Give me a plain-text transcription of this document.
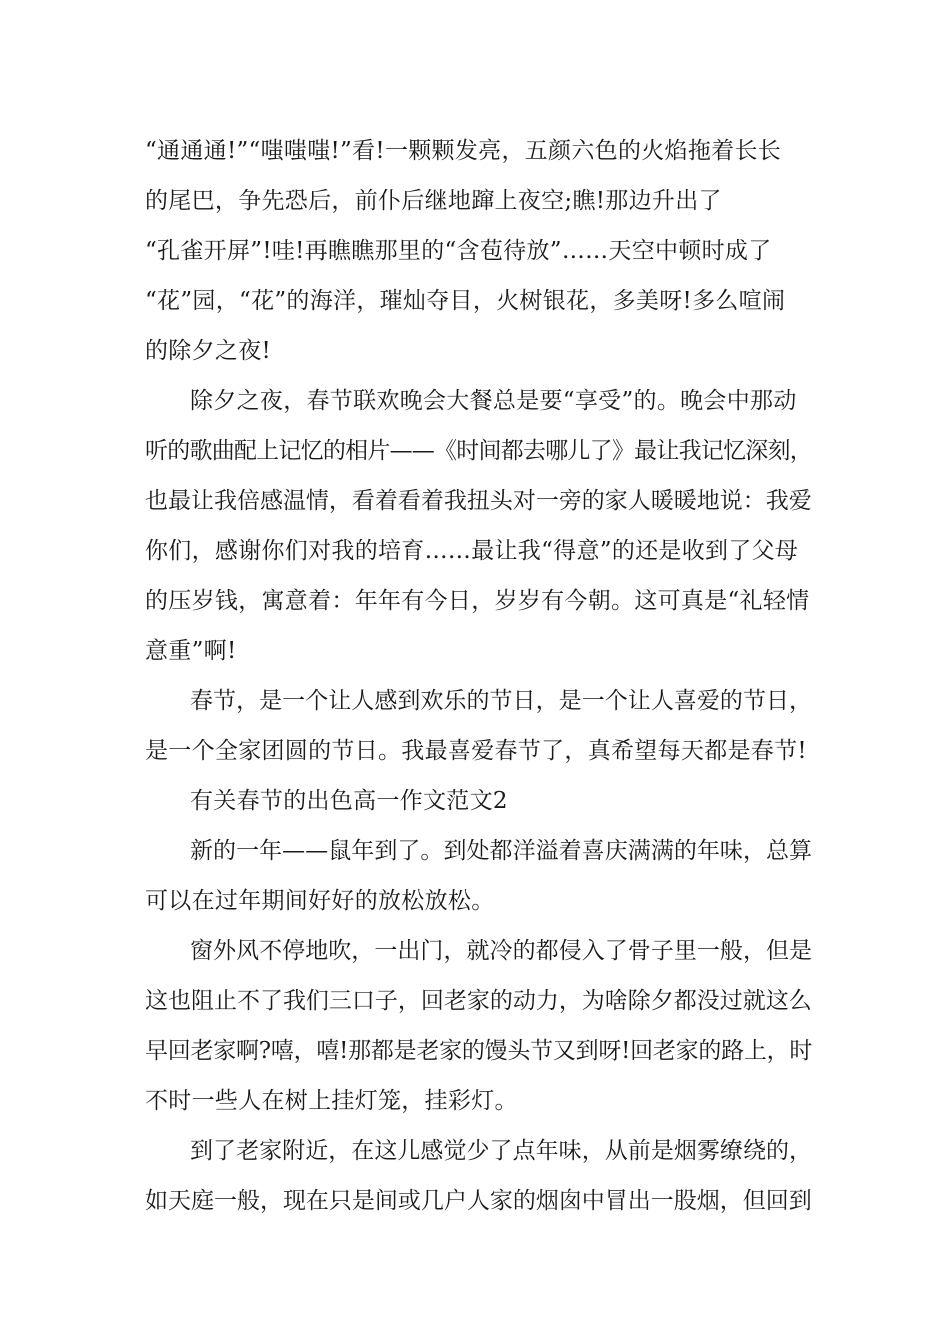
“通通通!”“嗤嗤嗤!”看!一颗颗发亮，五颜六色的火焰拖着长长
的尾巴，争先恐后，前仆后继地蹿上夜空;瞧!那边升出了
“孔雀开屏”!哇!再瞧瞧那里的“含苞待放”……天空中顿时成了
“花”园，“花”的海洋，璀灿夺目，火树银花，多美呀!多么喧闹
的除夕之夜!
除夕之夜，春节联欢晚会大餐总是要“享受”的。晚会中那动
听的歌曲配上记忆的相片——《时间都去哪儿了》最让我记忆深刻，
也最让我倍感温情，看着看着我扭头对一旁的家人暖暖地说：我爱
你们，感谢你们对我的培育……最让我“得意”的还是收到了父母
的压岁钱，寓意着：年年有今日，岁岁有今朝。这可真是“礼轻情
意重”啊!
春节，是一个让人感到欢乐的节日，是一个让人喜爱的节日，
是一个全家团圆的节日。我最喜爱春节了，真希望每天都是春节!
有关春节的出色高一作文范文2
新的一年——鼠年到了。到处都洋溢着喜庆满满的年味，总算
可以在过年期间好好的放松放松。
窗外风不停地吹，一出门，就冷的都侵入了骨子里一般，但是
这也阻止不了我们三口子，回老家的动力，为啥除夕都没过就这么
早回老家啊?嘻，嘻!那都是老家的馒头节又到呀!回老家的路上，时
不时一些人在树上挂灯笼，挂彩灯。
到了老家附近，在这儿感觉少了点年味，从前是烟雾缭绕的，
如天庭一般，现在只是间或几户人家的烟囱中冒出一股烟，但回到
